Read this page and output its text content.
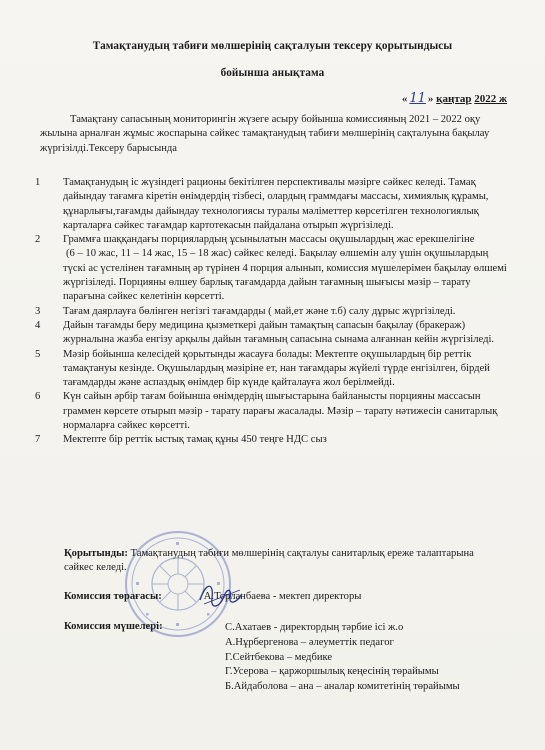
Тамақтанудың табиғи мөлшерінің сақталуын тексеру қорытындысы
бойынша анықтама
« 11 » қаңтар 2022 ж
Тамақтану сапасының мониторингін жүзеге асыру бойынша комиссияның 2021 – 2022 оқу жылына арналған жұмыс жоспарына сәйкес тамақтанудың табиғи мөлшерінің сақталуына бақылау жүргізілді.Тексеру барысында
1 Тамақтанудың іс жүзіндегі рационы бекітілген перспективалы мәзірге сәйкес келеді. Тамақ дайындау тағамға кіретін өнімдердің тізбесі, олардың граммдағы массасы, химиялық құрамы, құнарлығы,тағамды дайындау технологиясы туралы мәліметтер көрсетілген технологиялық карталарға сәйкес тағамдар картотекасын пайдалана отырып жүргізіледі.
2 Граммға шаққандағы порциялардың ұсынылатын массасы оқушылардың жас ерекшелігіне
(6 – 10 жас, 11 – 14 жас, 15 – 18 жас) сәйкес келеді. Бақылау өлшемін алу үшін оқушылардың түскі ас үстелінен тағамның әр түрінен 4 порция алынып, комиссия мүшелерімен бақылау өлшемі жүргізіледі. Порцияны өлшеу барлық тағамдарда дайын тағамның шығысы мәзір – тарату парағына сәйкес келетінін көрсетті.
3 Тағам даярлауға бөлінген негізгі тағамдарды ( май,ет және т.б) салу дұрыс жүргізіледі.
4 Дайын тағамды беру медицина қызметкері дайын тамақтың сапасын бақылау (бракераж) журналына жазба енгізу арқылы дайын тағамның сапасына сынама алғаннан кейін жүргізіледі.
5 Мәзір бойынша келесідей қорытынды жасауға болады: Мектепте оқушылардың бір реттік тамақтануы кезінде. Оқушылардың мәзіріне ет, нан тағамдары жүйелі түрде енгізілген, бірдей тағамдарды және аспаздық өнімдер бір күнде қайталауға жол берілмейді.
6 Күн сайын әрбір тағам бойынша өнімдердің шығыстарына байланысты порцияны массасын граммен көрсете отырып мәзір - тарату парағы жасалады. Мәзір – тарату нәтижесін санитарлық нормаларға сәйкес көрсетті.
7 Мектепте бір реттік ыстық тамақ құны 450 теңге НДС сыз
Қорытынды: Тамақтанудың табиғи мөлшерінің сақталуы санитарлық ереже талаптарына сәйкес келеді.
Комиссия төрағасы:	А.Торланбаева - мектеп директоры
Комиссия мүшелері:	С.Ахатаев - директордың тәрбие ісі ж.о
А.Нұрбергенова – әлеуметтік педагог
Г.Сейтбекова – медбике
Г.Усерова – қаржоршылық кеңесінің төрайымы
Б.Айдаболова – ана – аналар комитетінің төрайымы
